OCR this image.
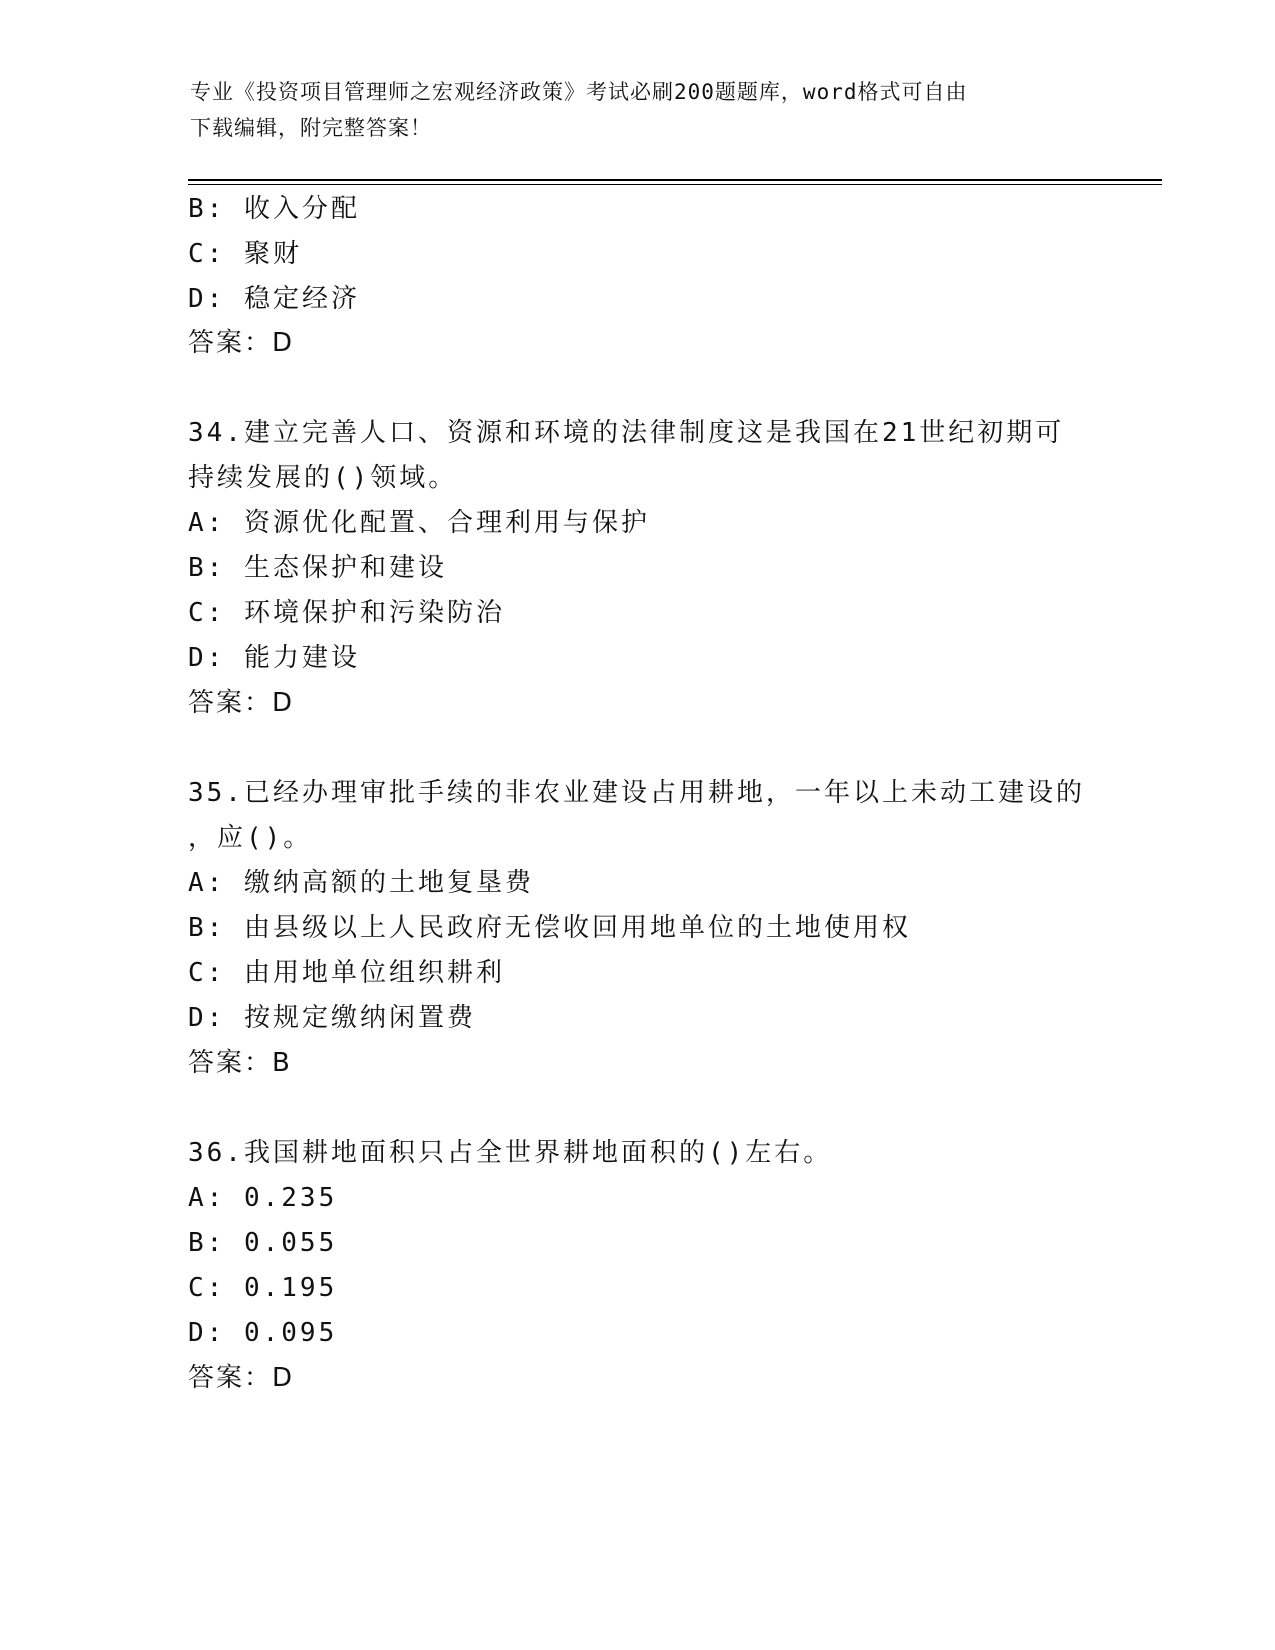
专业《投资项目管理师之宏观经济政策》考试必刷200题题库，word格式可自由
下载编辑，附完整答案！
B: 收入分配
C: 聚财
D: 稳定经济
答案：D
34.建立完善人口、资源和环境的法律制度这是我国在21世纪初期可
持续发展的()领域。
A: 资源优化配置、合理利用与保护
B: 生态保护和建设
C: 环境保护和污染防治
D: 能力建设
答案：D
35.已经办理审批手续的非农业建设占用耕地，一年以上未动工建设的
，应()。
A: 缴纳高额的土地复垦费
B: 由县级以上人民政府无偿收回用地单位的土地使用权
C: 由用地单位组织耕利
D: 按规定缴纳闲置费
答案：B
36.我国耕地面积只占全世界耕地面积的()左右。
A: 0.235
B: 0.055
C: 0.195
D: 0.095
答案：D
